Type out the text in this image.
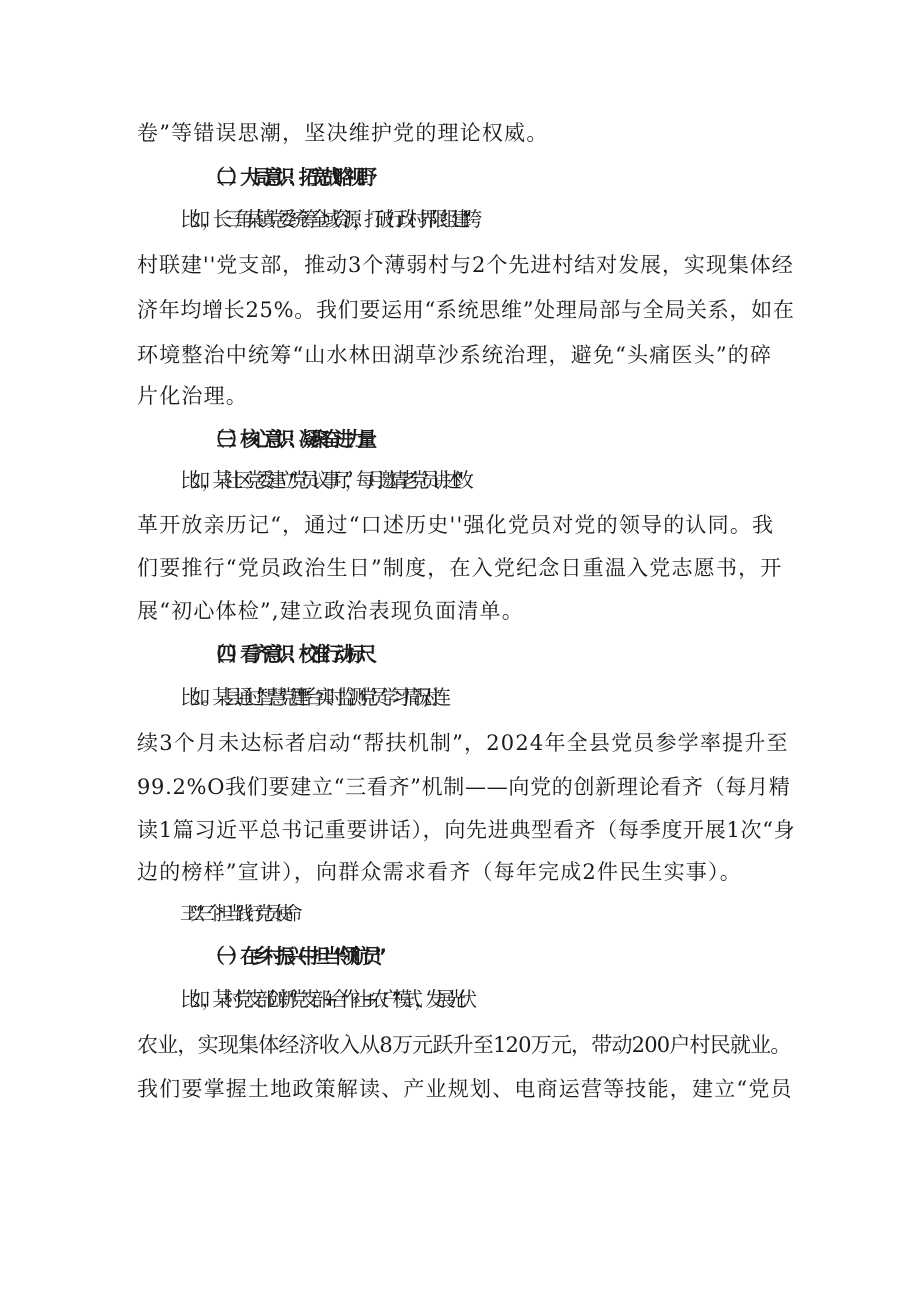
卷”等错误思潮，坚决维护党的理论权威。
（二）大局意识：拓宽战略视野
比如，长三角某镇党委统筹全域资源，打破行政村界限组建“跨
村联建''党支部，推动3个薄弱村与2个先进村结对发展，实现集体经
济年均增长25%。我们要运用“系统思维”处理局部与全局关系，如在
环境整治中统筹“山水林田湖草沙系统治理，避免“头痛医头”的碎
片化治理。
（三）核心意识：凝聚奋进力量
比如，某社区党委建立“党员议事厅”，每月邀请老党员讲述“改
革开放亲历记“，通过“口述历史''强化党员对党的领导的认同。我
们要推行“党员政治生日”制度，在入党纪念日重温入党志愿书，开
展“初心体检”,建立政治表现负面清单。
（四）看齐意识：校准行动标尺
比如。某县通过“智慧党建''平台实时监测党员学习情况,对连
续3个月未达标者启动“帮扶机制”，2024年全县党员参学率提升至
99.2%O我们要建立“三看齐”机制——向党的创新理论看齐（每月精
读1篇习近平总书记重要讲话），向先进典型看齐（每季度开展1次“身
边的榜样”宣讲），向群众需求看齐（每年完成2件民生实事）。
三'以“三个担当”践行党员使命
（一）在乡村振兴中担当“领航员”
比如，某村党支部创新“党支部+合作社+农户”模式，发展光伏
农业，实现集体经济收入从8万元跃升至120万元，带动200户村民就业。
我们要掌握土地政策解读、产业规划、电商运营等技能，建立“党员
